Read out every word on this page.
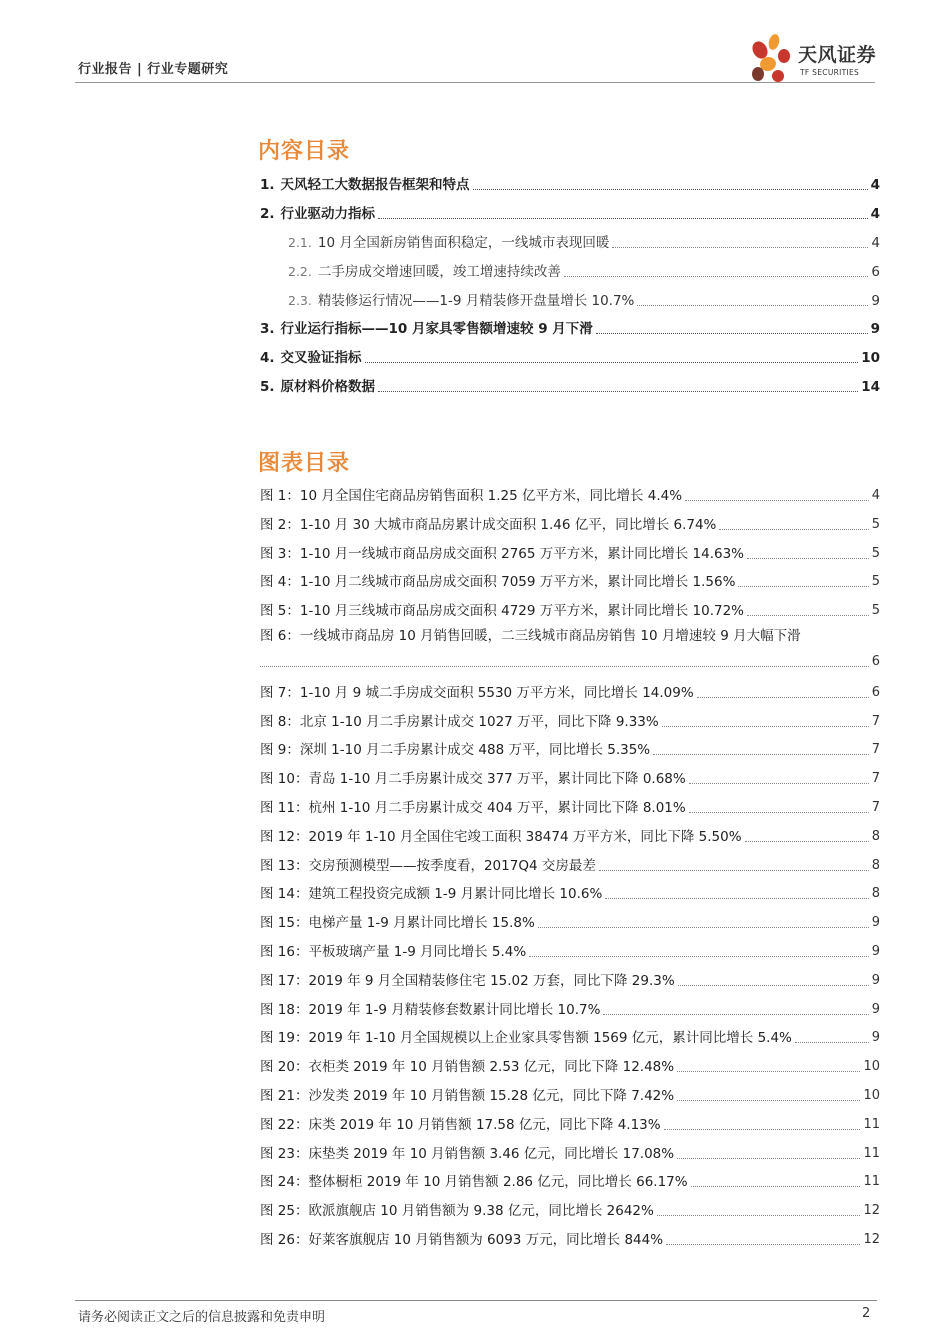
行业报告 | 行业专题研究
天风证券
TF SECURITIES
内容目录
1. 天风轻工大数据报告框架和特点	4
2. 行业驱动力指标	4
2.1. 10 月全国新房销售面积稳定，一线城市表现回暖	4
2.2. 二手房成交增速回暖，竣工增速持续改善	6
2.3. 精装修运行情况——1-9 月精装修开盘量增长 10.7%	9
3. 行业运行指标——10 月家具零售额增速较 9 月下滑	9
4. 交叉验证指标	10
5. 原材料价格数据	14
图表目录
图 1：10 月全国住宅商品房销售面积 1.25 亿平方米，同比增长 4.4%	4
图 2：1-10 月 30 大城市商品房累计成交面积 1.46 亿平，同比增长 6.74%	5
图 3：1-10 月一线城市商品房成交面积 2765 万平方米，累计同比增长 14.63%	5
图 4：1-10 月二线城市商品房成交面积 7059 万平方米，累计同比增长 1.56%	5
图 5：1-10 月三线城市商品房成交面积 4729 万平方米，累计同比增长 10.72%	5
图 6：一线城市商品房 10 月销售回暖，二三线城市商品房销售 10 月增速较 9 月大幅下滑
6
图 7：1-10 月 9 城二手房成交面积 5530 万平方米，同比增长 14.09%	6
图 8：北京 1-10 月二手房累计成交 1027 万平，同比下降 9.33%	7
图 9：深圳 1-10 月二手房累计成交 488 万平，同比增长 5.35%	7
图 10：青岛 1-10 月二手房累计成交 377 万平，累计同比下降 0.68%	7
图 11：杭州 1-10 月二手房累计成交 404 万平，累计同比下降 8.01%	7
图 12：2019 年 1-10 月全国住宅竣工面积 38474 万平方米，同比下降 5.50%	8
图 13：交房预测模型——按季度看，2017Q4 交房最差	8
图 14：建筑工程投资完成额 1-9 月累计同比增长 10.6%	8
图 15：电梯产量 1-9 月累计同比增长 15.8%	9
图 16：平板玻璃产量 1-9 月同比增长 5.4%	9
图 17：2019 年 9 月全国精装修住宅 15.02 万套，同比下降 29.3%	9
图 18：2019 年 1-9 月精装修套数累计同比增长 10.7%	9
图 19：2019 年 1-10 月全国规模以上企业家具零售额 1569 亿元，累计同比增长 5.4%	9
图 20：衣柜类 2019 年 10 月销售额 2.53 亿元，同比下降 12.48%	10
图 21：沙发类 2019 年 10 月销售额 15.28 亿元，同比下降 7.42%	10
图 22：床类 2019 年 10 月销售额 17.58 亿元，同比下降 4.13%	11
图 23：床垫类 2019 年 10 月销售额 3.46 亿元，同比增长 17.08%	11
图 24：整体橱柜 2019 年 10 月销售额 2.86 亿元，同比增长 66.17%	11
图 25：欧派旗舰店 10 月销售额为 9.38 亿元，同比增长 2642%	12
图 26：好莱客旗舰店 10 月销售额为 6093 万元，同比增长 844%	12
请务必阅读正文之后的信息披露和免责申明	2
